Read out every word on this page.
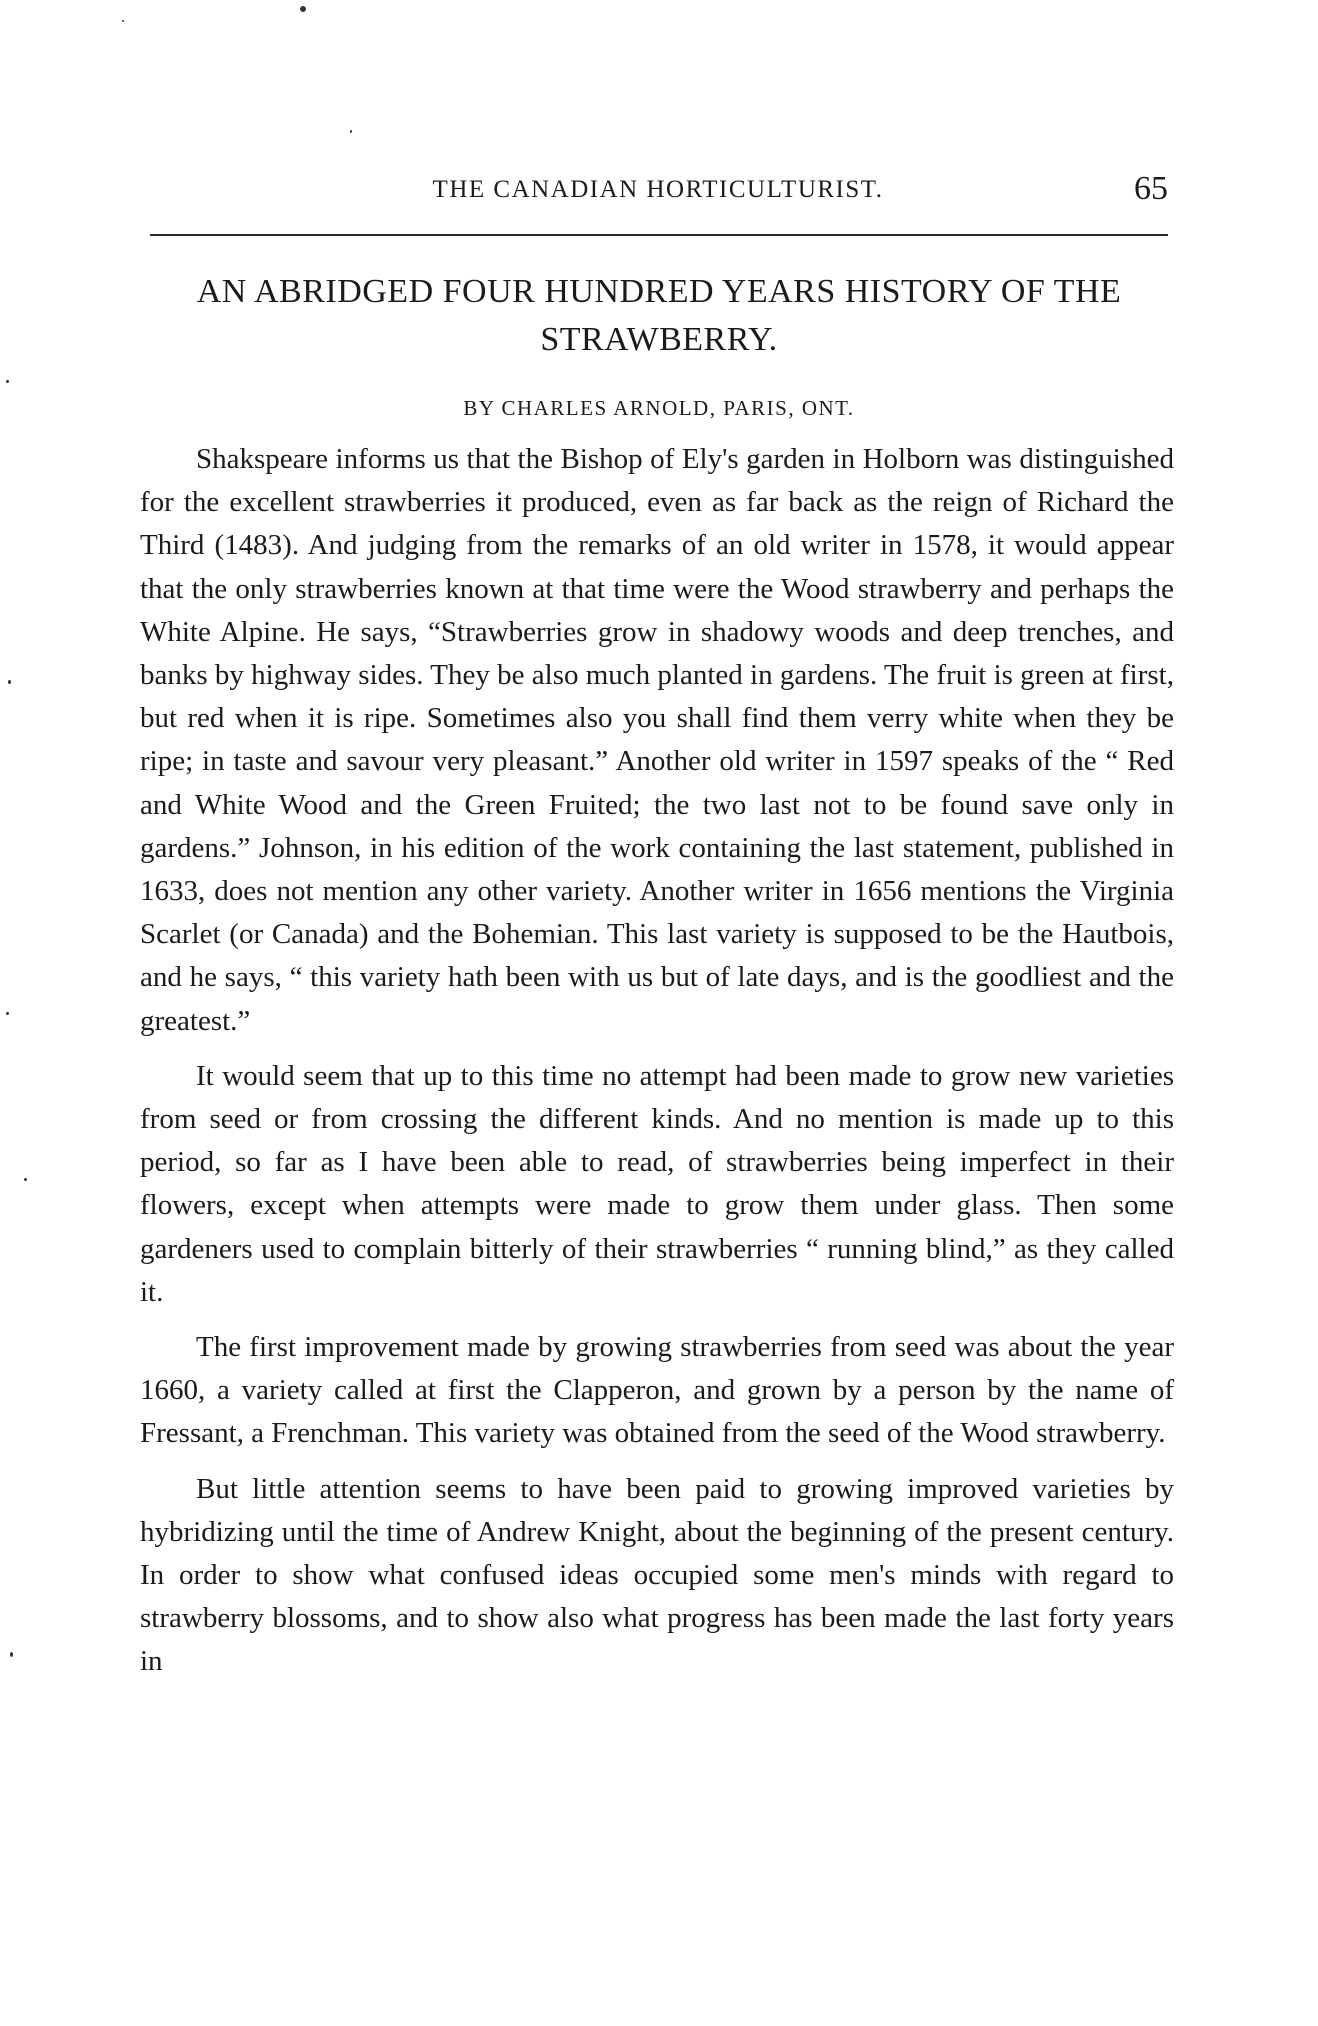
THE CANADIAN HORTICULTURIST.	65
AN ABRIDGED FOUR HUNDRED YEARS HISTORY OF THE STRAWBERRY.
BY CHARLES ARNOLD, PARIS, ONT.

Shakspeare informs us that the Bishop of Ely's garden in Holborn was distinguished for the excellent strawberries it produced, even as far back as the reign of Richard the Third (1483). And judging from the remarks of an old writer in 1578, it would appear that the only strawberries known at that time were the Wood strawberry and perhaps the White Alpine. He says, “Strawberries grow in shadowy woods and deep trenches, and banks by highway sides. They be also much planted in gardens. The fruit is green at first, but red when it is ripe. Sometimes also you shall find them verry white when they be ripe; in taste and savour very pleasant.” Another old writer in 1597 speaks of the “ Red and White Wood and the Green Fruited; the two last not to be found save only in gardens.” Johnson, in his edition of the work containing the last statement, published in 1633, does not mention any other variety. Another writer in 1656 mentions the Virginia Scarlet (or Canada) and the Bohemian. This last variety is supposed to be the Hautbois, and he says, “ this variety hath been with us but of late days, and is the goodliest and the greatest.”

It would seem that up to this time no attempt had been made to grow new varieties from seed or from crossing the different kinds. And no mention is made up to this period, so far as I have been able to read, of strawberries being imperfect in their flowers, except when attempts were made to grow them under glass. Then some gardeners used to complain bitterly of their strawberries “ running blind,” as they called it.

The first improvement made by growing strawberries from seed was about the year 1660, a variety called at first the Clapperon, and grown by a person by the name of Fressant, a Frenchman. This variety was obtained from the seed of the Wood strawberry.

But little attention seems to have been paid to growing improved varieties by hybridizing until the time of Andrew Knight, about the beginning of the present century. In order to show what confused ideas occupied some men's minds with regard to strawberry blossoms, and to show also what progress has been made the last forty years in
